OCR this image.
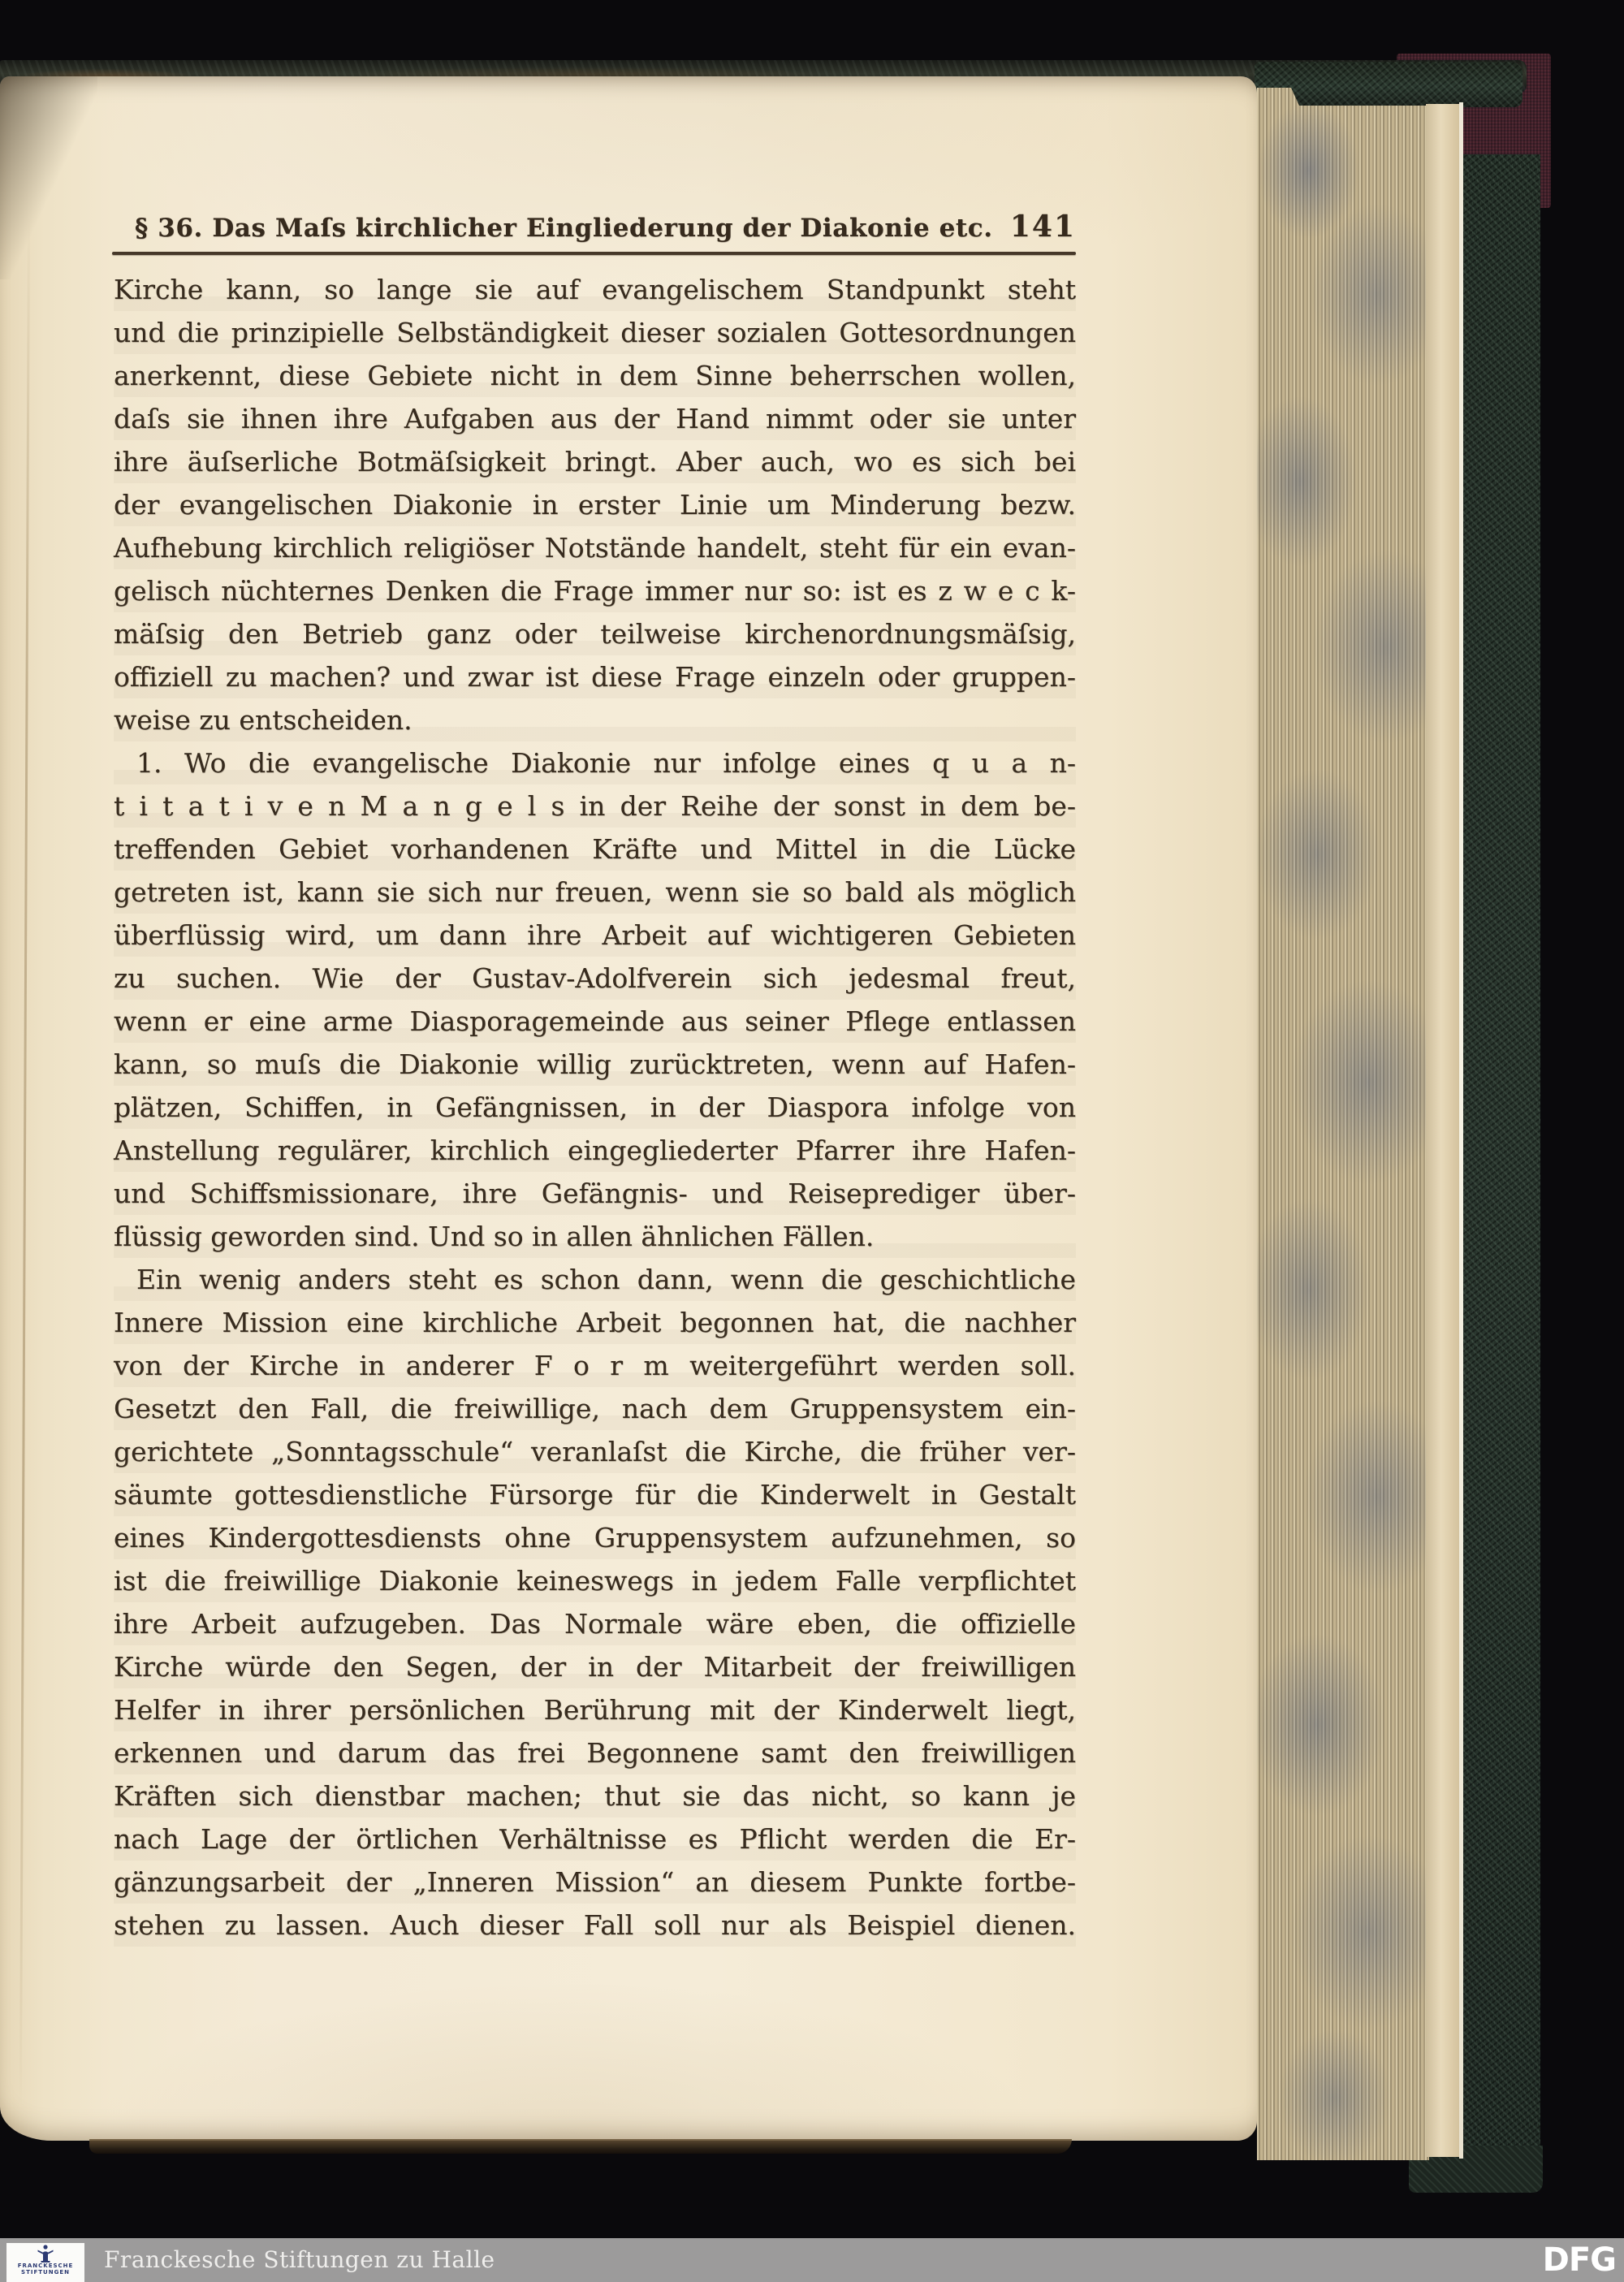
§ 36. Das Maſs kirchlicher Eingliederung der Diakonie etc. 141
Kirche kann, so lange sie auf evangelischem Standpunkt steht
und die prinzipielle Selbständigkeit dieser sozialen Gottesordnungen
anerkennt, diese Gebiete nicht in dem Sinne beherrschen wollen,
daſs sie ihnen ihre Aufgaben aus der Hand nimmt oder sie unter
ihre äuſserliche Botmäſsigkeit bringt. Aber auch, wo es sich bei
der evangelischen Diakonie in erster Linie um Minderung bezw.
Aufhebung kirchlich religiöser Notstände handelt, steht für ein evan-
gelisch nüchternes Denken die Frage immer nur so: ist es z w e c k-
mäſsig den Betrieb ganz oder teilweise kirchenordnungsmäſsig,
offiziell zu machen? und zwar ist diese Frage einzeln oder gruppen-
weise zu entscheiden.
1. Wo die evangelische Diakonie nur infolge eines q u a n-
t i t a t i v e n M a n g e l s in der Reihe der sonst in dem be-
treffenden Gebiet vorhandenen Kräfte und Mittel in die Lücke
getreten ist, kann sie sich nur freuen, wenn sie so bald als möglich
überflüssig wird, um dann ihre Arbeit auf wichtigeren Gebieten
zu suchen. Wie der Gustav-Adolfverein sich jedesmal freut,
wenn er eine arme Diasporagemeinde aus seiner Pflege entlassen
kann, so muſs die Diakonie willig zurücktreten, wenn auf Hafen-
plätzen, Schiffen, in Gefängnissen, in der Diaspora infolge von
Anstellung regulärer, kirchlich eingegliederter Pfarrer ihre Hafen-
und Schiffsmissionare, ihre Gefängnis- und Reiseprediger über-
flüssig geworden sind. Und so in allen ähnlichen Fällen.
Ein wenig anders steht es schon dann, wenn die geschichtliche
Innere Mission eine kirchliche Arbeit begonnen hat, die nachher
von der Kirche in anderer F o r m weitergeführt werden soll.
Gesetzt den Fall, die freiwillige, nach dem Gruppensystem ein-
gerichtete „Sonntagsschule“ veranlaſst die Kirche, die früher ver-
säumte gottesdienstliche Fürsorge für die Kinderwelt in Gestalt
eines Kindergottesdiensts ohne Gruppensystem aufzunehmen, so
ist die freiwillige Diakonie keineswegs in jedem Falle verpflichtet
ihre Arbeit aufzugeben. Das Normale wäre eben, die offizielle
Kirche würde den Segen, der in der Mitarbeit der freiwilligen
Helfer in ihrer persönlichen Berührung mit der Kinderwelt liegt,
erkennen und darum das frei Begonnene samt den freiwilligen
Kräften sich dienstbar machen; thut sie das nicht, so kann je
nach Lage der örtlichen Verhältnisse es Pflicht werden die Er-
gänzungsarbeit der „Inneren Mission“ an diesem Punkte fortbe-
stehen zu lassen. Auch dieser Fall soll nur als Beispiel dienen.
FRANCKESCHE
STIFTUNGEN Franckesche Stiftungen zu Halle	DFG
